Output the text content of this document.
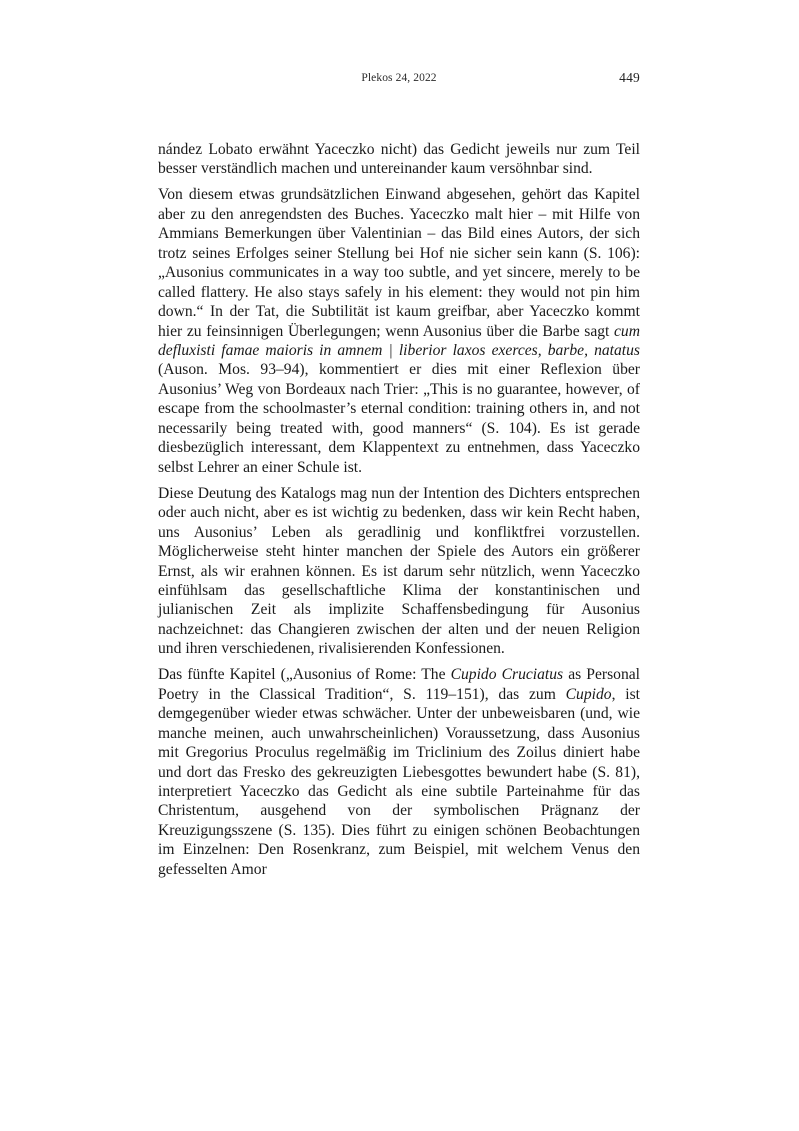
Plekos 24, 2022	449

nández Lobato erwähnt Yaceczko nicht) das Gedicht jeweils nur zum Teil besser verständlich machen und untereinander kaum versöhnbar sind.

Von diesem etwas grundsätzlichen Einwand abgesehen, gehört das Kapitel aber zu den anregendsten des Buches. Yaceczko malt hier – mit Hilfe von Ammians Bemerkungen über Valentinian – das Bild eines Autors, der sich trotz seines Erfolges seiner Stellung bei Hof nie sicher sein kann (S. 106): „Ausonius communicates in a way too subtle, and yet sincere, merely to be called flattery. He also stays safely in his element: they would not pin him down.“ In der Tat, die Subtilität ist kaum greifbar, aber Yaceczko kommt hier zu feinsinnigen Überlegungen; wenn Ausonius über die Barbe sagt cum defluxisti famae maioris in amnem | liberior laxos exerces, barbe, natatus (Auson. Mos. 93–94), kommentiert er dies mit einer Reflexion über Ausonius’ Weg von Bordeaux nach Trier: „This is no guarantee, however, of escape from the schoolmaster’s eternal condition: training others in, and not necessarily being treated with, good manners“ (S. 104). Es ist gerade diesbezüglich interessant, dem Klappentext zu entnehmen, dass Yaceczko selbst Lehrer an einer Schule ist.

Diese Deutung des Katalogs mag nun der Intention des Dichters entsprechen oder auch nicht, aber es ist wichtig zu bedenken, dass wir kein Recht haben, uns Ausonius’ Leben als geradlinig und konfliktfrei vorzustellen. Möglicherweise steht hinter manchen der Spiele des Autors ein größerer Ernst, als wir erahnen können. Es ist darum sehr nützlich, wenn Yaceczko einfühlsam das gesellschaftliche Klima der konstantinischen und julianischen Zeit als implizite Schaffensbedingung für Ausonius nachzeichnet: das Changieren zwischen der alten und der neuen Religion und ihren verschiedenen, rivalisierenden Konfessionen.

Das fünfte Kapitel („Ausonius of Rome: The Cupido Cruciatus as Personal Poetry in the Classical Tradition“, S. 119–151), das zum Cupido, ist demgegenüber wieder etwas schwächer. Unter der unbeweisbaren (und, wie manche meinen, auch unwahrscheinlichen) Voraussetzung, dass Ausonius mit Gregorius Proculus regelmäßig im Triclinium des Zoilus diniert habe und dort das Fresko des gekreuzigten Liebesgottes bewundert habe (S. 81), interpretiert Yaceczko das Gedicht als eine subtile Parteinahme für das Christentum, ausgehend von der symbolischen Prägnanz der Kreuzigungsszene (S. 135). Dies führt zu einigen schönen Beobachtungen im Einzelnen: Den Rosenkranz, zum Beispiel, mit welchem Venus den gefesselten Amor
